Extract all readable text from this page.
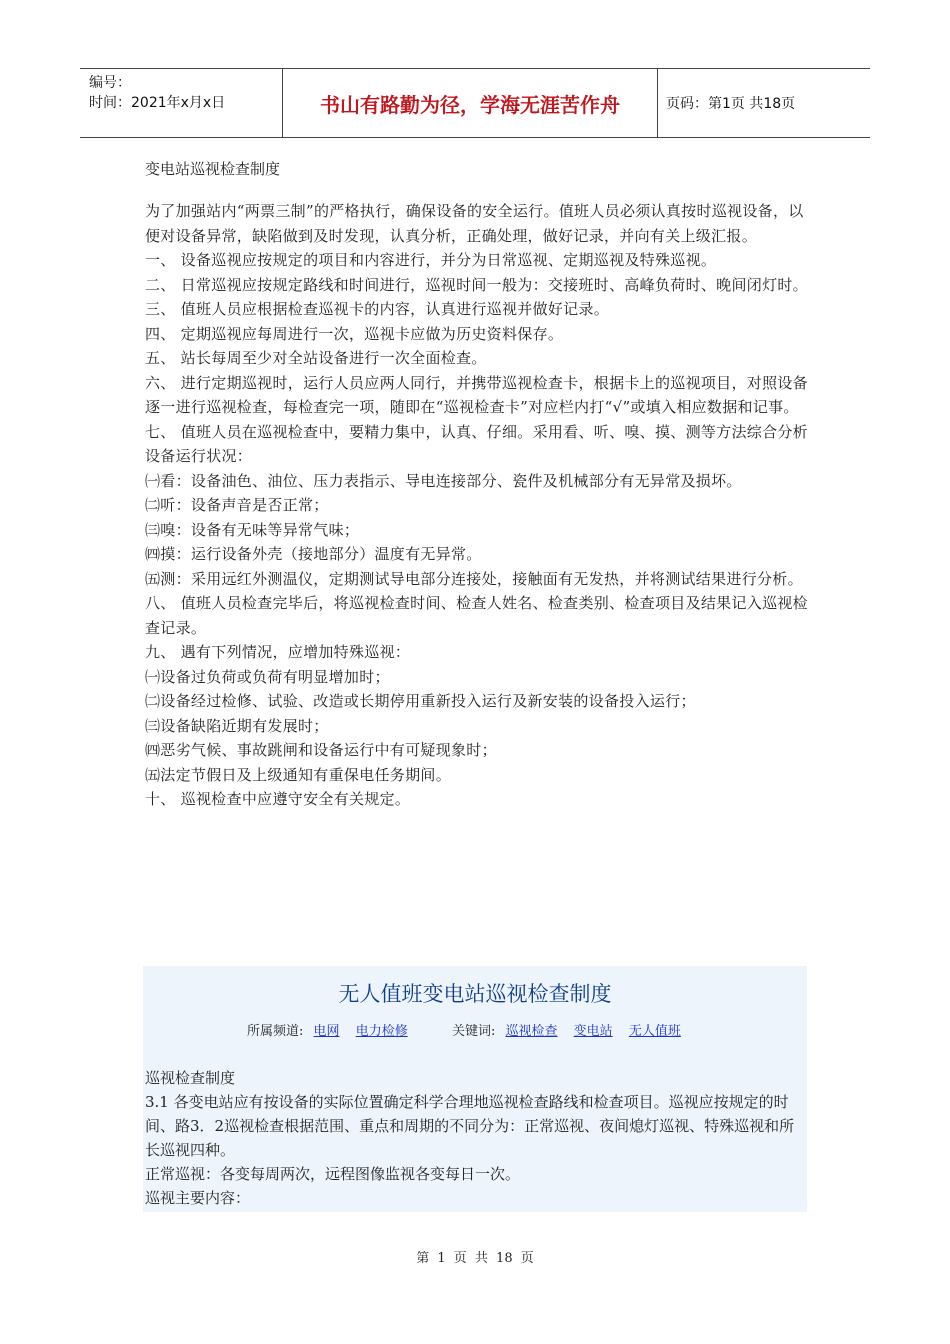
编号：
时间：2021年x月x日	书山有路勤为径，学海无涯苦作舟	页码：第1页 共18页
变电站巡视检查制度

为了加强站内“两票三制”的严格执行，确保设备的安全运行。值班人员必须认真按时巡视设备，以便对设备异常，缺陷做到及时发现，认真分析，正确处理，做好记录，并向有关上级汇报。

一、 设备巡视应按规定的项目和内容进行，并分为日常巡视、定期巡视及特殊巡视。

二、 日常巡视应按规定路线和时间进行，巡视时间一般为：交接班时、高峰负荷时、晚间闭灯时。

三、 值班人员应根据检查巡视卡的内容，认真进行巡视并做好记录。

四、 定期巡视应每周进行一次，巡视卡应做为历史资料保存。

五、 站长每周至少对全站设备进行一次全面检查。

六、 进行定期巡视时，运行人员应两人同行，并携带巡视检查卡，根据卡上的巡视项目，对照设备逐一进行巡视检查，每检查完一项，随即在“巡视检查卡”对应栏内打“√”或填入相应数据和记事。

七、 值班人员在巡视检查中，要精力集中，认真、仔细。采用看、听、嗅、摸、测等方法综合分析设备运行状况：

㈠看：设备油色、油位、压力表指示、导电连接部分、瓷件及机械部分有无异常及损坏。

㈡听：设备声音是否正常；

㈢嗅：设备有无味等异常气味；

㈣摸：运行设备外壳（接地部分）温度有无异常。

㈤测：采用远红外测温仪，定期测试导电部分连接处，接触面有无发热，并将测试结果进行分析。

八、 值班人员检查完毕后，将巡视检查时间、检查人姓名、检查类别、检查项目及结果记入巡视检查记录。

九、 遇有下列情况，应增加特殊巡视：

㈠设备过负荷或负荷有明显增加时；

㈡设备经过检修、试验、改造或长期停用重新投入运行及新安装的设备投入运行；

㈢设备缺陷近期有发展时；

㈣恶劣气候、事故跳闸和设备运行中有可疑现象时；

㈤法定节假日及上级通知有重保电任务期间。

十、 巡视检查中应遵守安全有关规定。

无人值班变电站巡视检查制度
所属频道: 电网 电力检修	关键词: 巡视检查 变电站 无人值班
巡视检查制度
3.1 各变电站应有按设备的实际位置确定科学合理地巡视检查路线和检查项目。巡视应按规定的时间、路3．2巡视检查根据范围、重点和周期的不同分为：正常巡视、夜间熄灯巡视、特殊巡视和所长巡视四种。
正常巡视：各变每周两次，远程图像监视各变每日一次。
巡视主要内容：
第 1 页 共 18 页
